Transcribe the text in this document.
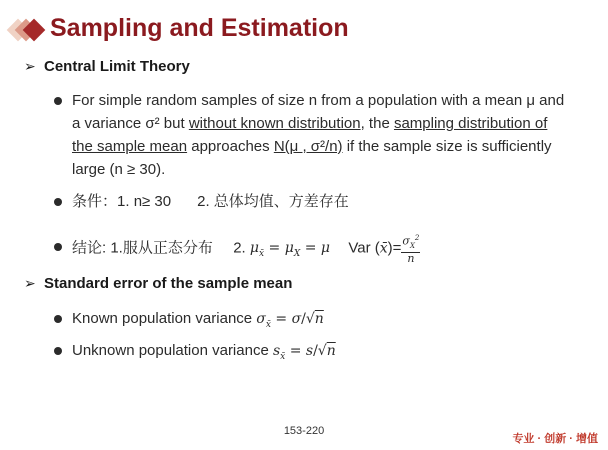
Sampling and Estimation
➢ Central Limit Theory
For simple random samples of size n from a population with a mean μ and a variance σ² but without known distribution, the sampling distribution of the sample mean approaches N(μ , σ²/n) if the sample size is sufficiently large (n ≥ 30).
条件：1. n≥ 30 2. 总体均值、方差存在
结论: 1.服从正态分布 2. $\mu_{x̄} = \mu_X = \mu$ Var (x̄)= $\frac{\sigma_X^2}{n}$
➢ Standard error of the sample mean
Known population variance $\sigma_{x̄} = \sigma/√n$
Unknown population variance $s_{x̄} = s/√n$
153-220
专业 · 创新 · 增值
